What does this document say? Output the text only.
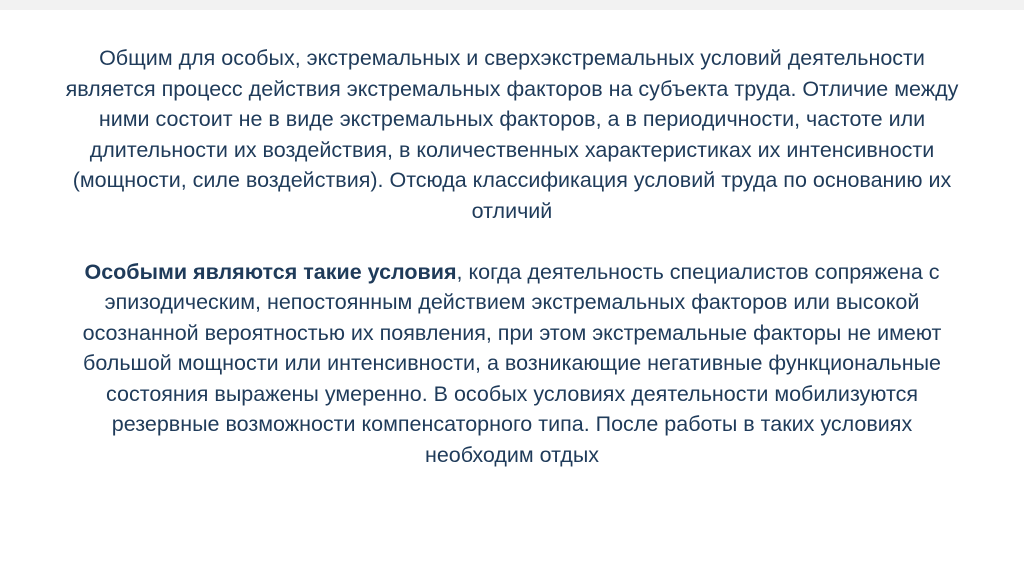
Общим для особых, экстремальных и сверхэкстремальных условий деятельности является процесс действия экстремальных факторов на субъекта труда. Отличие между ними состоит не в виде экстремальных факторов, а в периодичности, частоте или длительности их воздействия, в количественных характеристиках их интенсивности (мощности, силе воздействия). Отсюда классификация условий труда по основанию их отличий

Особыми являются такие условия, когда деятельность специалистов сопряжена с эпизодическим, непостоянным действием экстремальных факторов или высокой осознанной вероятностью их появления, при этом экстремальные факторы не имеют большой мощности или интенсивности, а возникающие негативные функциональные состояния выражены умеренно. В особых условиях деятельности мобилизуются резервные возможности компенсаторного типа. После работы в таких условиях необходим отдых
